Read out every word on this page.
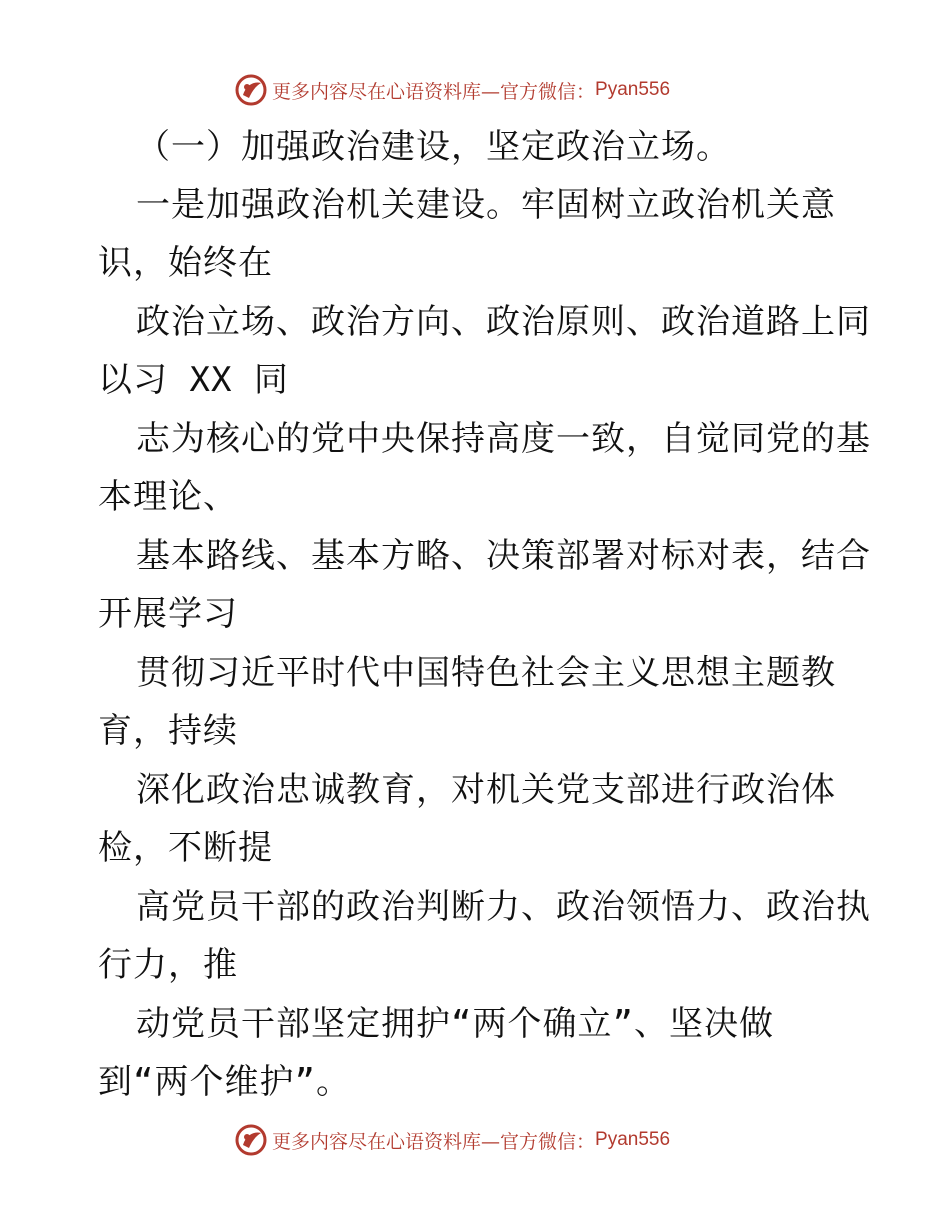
更多内容尽在心语资料库—官方微信： Pyan556
（一）加强政治建设，坚定政治立场。
一是加强政治机关建设。牢固树立政治机关意
识，始终在
政治立场、政治方向、政治原则、政治道路上同
以习 XX 同
志为核心的党中央保持高度一致，自觉同党的基
本理论、
基本路线、基本方略、决策部署对标对表，结合
开展学习
贯彻习近平时代中国特色社会主义思想主题教
育，持续
深化政治忠诚教育，对机关党支部进行政治体
检，不断提
高党员干部的政治判断力、政治领悟力、政治执
行力，推
动党员干部坚定拥护“两个确立”、坚决做
到“两个维护”。
更多内容尽在心语资料库—官方微信： Pyan556
